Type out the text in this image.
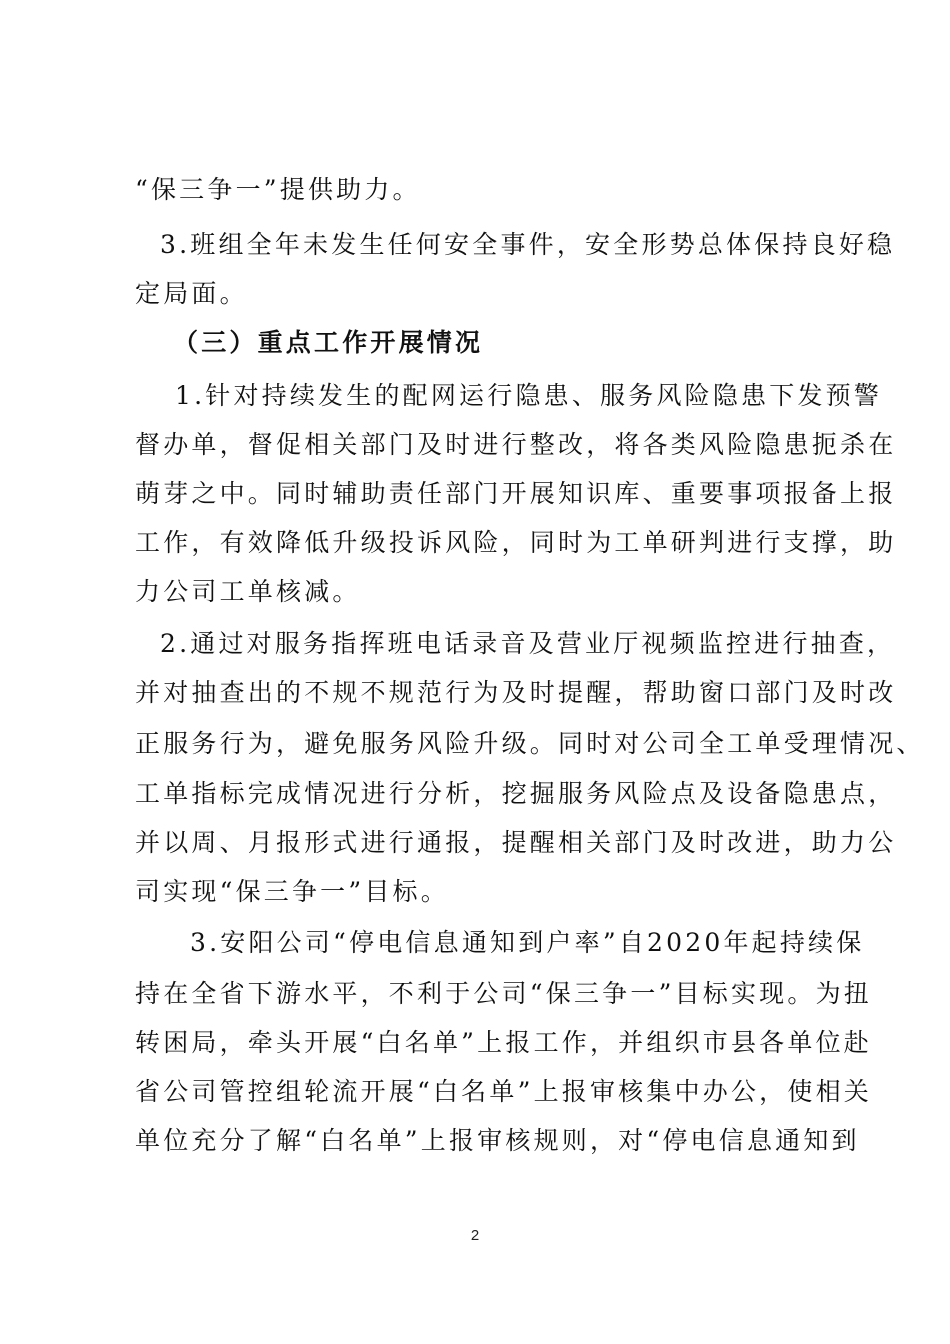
“保三争一”提供助力。
3.班组全年未发生任何安全事件，安全形势总体保持良好稳
定局面。
（三）重点工作开展情况
1.针对持续发生的配网运行隐患、服务风险隐患下发预警
督办单，督促相关部门及时进行整改，将各类风险隐患扼杀在
萌芽之中。同时辅助责任部门开展知识库、重要事项报备上报
工作，有效降低升级投诉风险，同时为工单研判进行支撑，助
力公司工单核减。
2.通过对服务指挥班电话录音及营业厅视频监控进行抽查，
并对抽查出的不规不规范行为及时提醒，帮助窗口部门及时改
正服务行为，避免服务风险升级。同时对公司全工单受理情况、
工单指标完成情况进行分析，挖掘服务风险点及设备隐患点，
并以周、月报形式进行通报，提醒相关部门及时改进，助力公
司实现“保三争一”目标。
3.安阳公司“停电信息通知到户率”自2020年起持续保
持在全省下游水平，不利于公司“保三争一”目标实现。为扭
转困局，牵头开展“白名单”上报工作，并组织市县各单位赴
省公司管控组轮流开展“白名单”上报审核集中办公，使相关
单位充分了解“白名单”上报审核规则，对“停电信息通知到
2
